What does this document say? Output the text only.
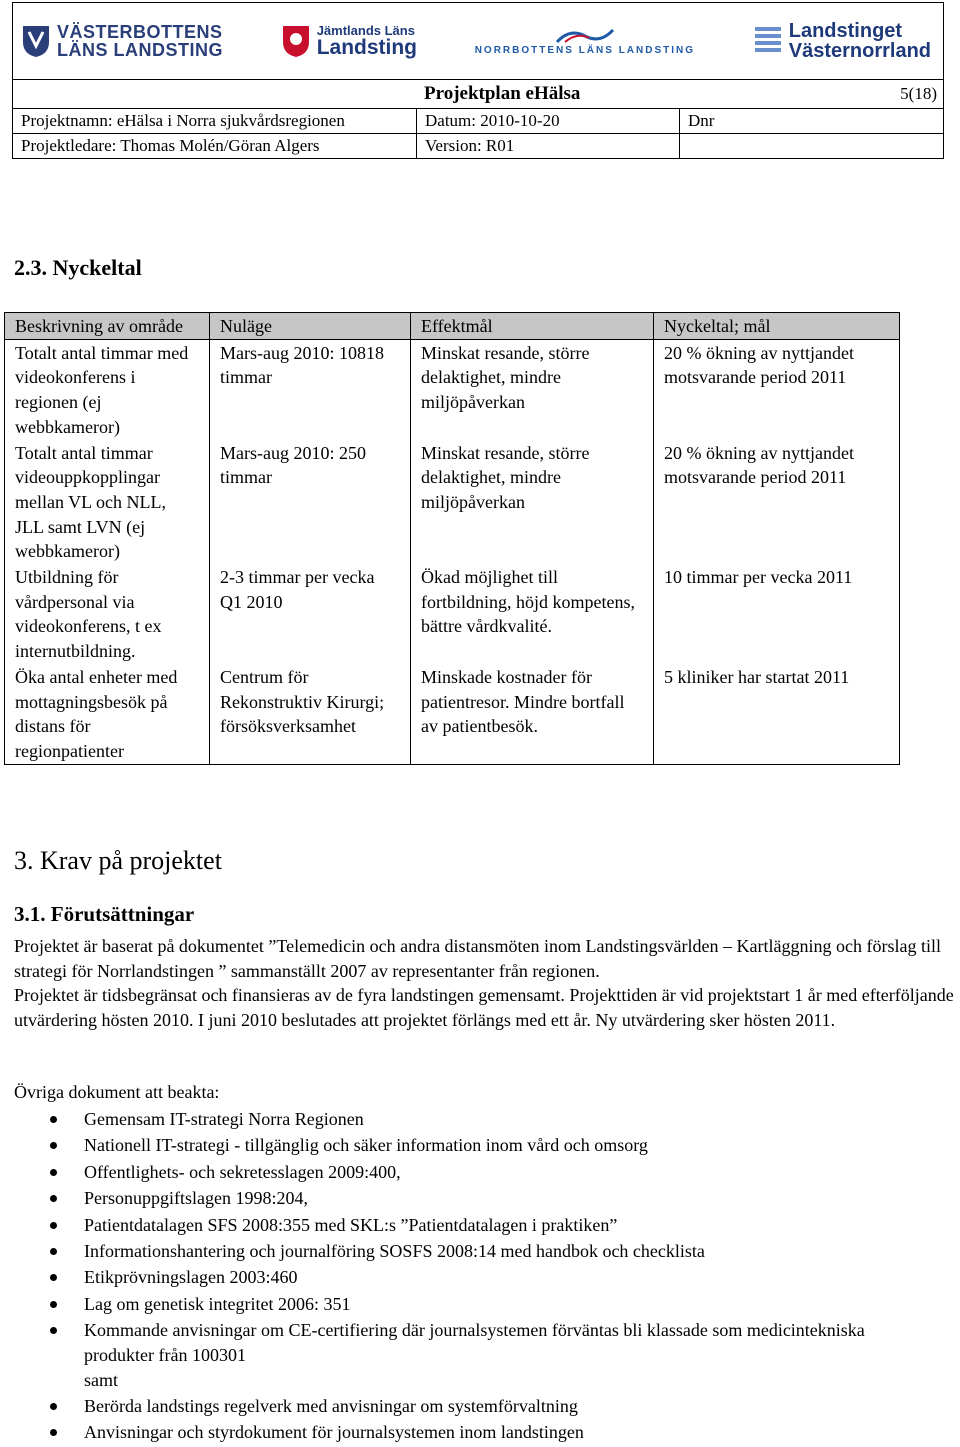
VÄSTERBOTTENS
LÄNS LANDSTING
Jämtlands Läns
Landsting	NORRBOTTENS LÄNS LANDSTING
Landstinget
Västernorrland
Projektplan eHälsa	5(18)
Projektnamn: eHälsa i Norra sjukvårdsregionen	Datum: 2010-10-20	Dnr
Projektledare: Thomas Molén/Göran Algers	Version: R01
2.3. Nyckeltal
Beskrivning av område	Nuläge	Effektmål	Nyckeltal; mål
Totalt antal timmar med videokonferens i regionen (ej webbkameror)	Mars-aug 2010: 10818 timmar	Minskat resande, större delaktighet, mindre miljöpåverkan	20 % ökning av nyttjandet motsvarande period 2011
Totalt antal timmar videouppkopplingar mellan VL och NLL, JLL samt LVN (ej webbkameror)	Mars-aug 2010: 250 timmar	Minskat resande, större delaktighet, mindre miljöpåverkan	20 % ökning av nyttjandet motsvarande period 2011
Utbildning för vårdpersonal via videokonferens, t ex internutbildning.	2-3 timmar per vecka Q1 2010	Ökad möjlighet till fortbildning, höjd kompetens, bättre vårdkvalité.	10 timmar per vecka 2011
Öka antal enheter med mottagningsbesök på distans för regionpatienter	Centrum för Rekonstruktiv Kirurgi; försöksverksamhet	Minskade kostnader för patientresor. Mindre bortfall av patientbesök.	5 kliniker har startat 2011
3. Krav på projektet
3.1. Förutsättningar
Projektet är baserat på dokumentet ”Telemedicin och andra distansmöten inom Landstingsvärlden – Kartläggning och förslag till strategi för Norrlandstingen ” sammanställt 2007 av representanter från regionen.
Projektet är tidsbegränsat och finansieras av de fyra landstingen gemensamt. Projekttiden är vid projektstart 1 år med efterföljande utvärdering hösten 2010. I juni 2010 beslutades att projektet förlängs med ett år. Ny utvärdering sker hösten 2011.
Övriga dokument att beakta:
Gemensam IT-strategi Norra Regionen
Nationell IT-strategi - tillgänglig och säker information inom vård och omsorg
Offentlighets- och sekretesslagen 2009:400,
Personuppgiftslagen 1998:204,
Patientdatalagen SFS 2008:355 med SKL:s ”Patientdatalagen i praktiken”
Informationshantering och journalföring SOSFS 2008:14 med handbok och checklista
Etikprövningslagen 2003:460
Lag om genetisk integritet 2006: 351
Kommande anvisningar om CE-certifiering där journalsystemen förväntas bli klassade som medicintekniska produkter från 100301
samt
Berörda landstings regelverk med anvisningar om systemförvaltning
Anvisningar och styrdokument för journalsystemen inom landstingen
